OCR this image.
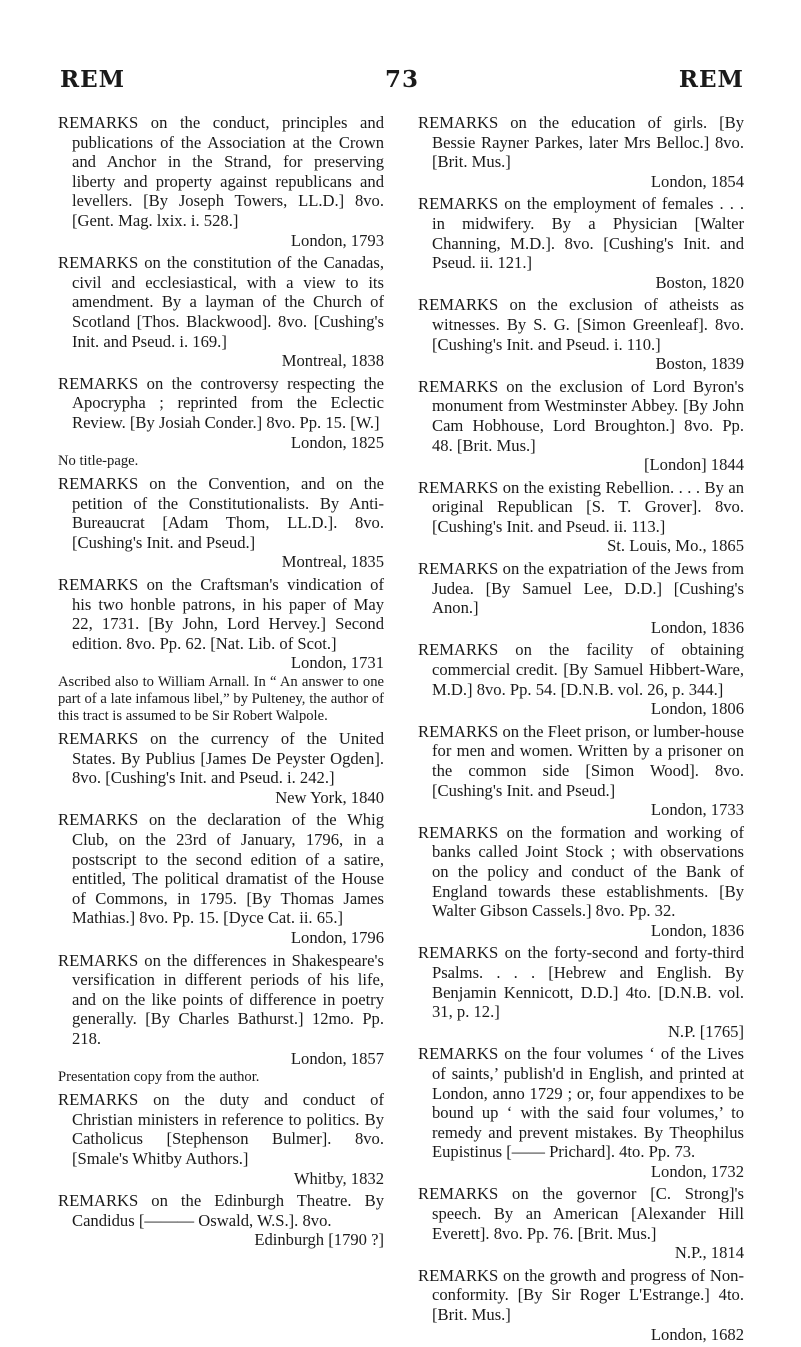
REM	73	REM
REMARKS on the conduct, principles and publications of the Association at the Crown and Anchor in the Strand, for preserving liberty and property against republicans and levellers. [By Joseph Towers, LL.D.] 8vo. [Gent. Mag. lxix. i. 528.]
London, 1793
REMARKS on the constitution of the Canadas, civil and ecclesiastical, with a view to its amendment. By a layman of the Church of Scotland [Thos. Blackwood]. 8vo. [Cushing's Init. and Pseud. i. 169.]
Montreal, 1838
REMARKS on the controversy respecting the Apocrypha ; reprinted from the Eclectic Review. [By Josiah Conder.] 8vo. Pp. 15. [W.]
London, 1825
No title-page.
REMARKS on the Convention, and on the petition of the Constitutionalists. By Anti-Bureaucrat [Adam Thom, LL.D.]. 8vo. [Cushing's Init. and Pseud.]
Montreal, 1835
REMARKS on the Craftsman's vindication of his two honble patrons, in his paper of May 22, 1731. [By John, Lord Hervey.] Second edition. 8vo. Pp. 62. [Nat. Lib. of Scot.]
London, 1731
Ascribed also to William Arnall. In “ An answer to one part of a late infamous libel,” by Pulteney, the author of this tract is assumed to be Sir Robert Walpole.
REMARKS on the currency of the United States. By Publius [James De Peyster Ogden]. 8vo. [Cushing's Init. and Pseud. i. 242.]
New York, 1840
REMARKS on the declaration of the Whig Club, on the 23rd of January, 1796, in a postscript to the second edition of a satire, entitled, The political dramatist of the House of Commons, in 1795. [By Thomas James Mathias.] 8vo. Pp. 15. [Dyce Cat. ii. 65.]
London, 1796
REMARKS on the differences in Shakespeare's versification in different periods of his life, and on the like points of difference in poetry generally. [By Charles Bathurst.] 12mo. Pp. 218.
London, 1857
Presentation copy from the author.
REMARKS on the duty and conduct of Christian ministers in reference to politics. By Catholicus [Stephenson Bulmer]. 8vo. [Smale's Whitby Authors.]
Whitby, 1832
REMARKS on the Edinburgh Theatre. By Candidus [——— Oswald, W.S.]. 8vo.
Edinburgh [1790 ?]
REMARKS on the education of girls. [By Bessie Rayner Parkes, later Mrs Belloc.] 8vo. [Brit. Mus.]
London, 1854
REMARKS on the employment of females . . . in midwifery. By a Physician [Walter Channing, M.D.]. 8vo. [Cushing's Init. and Pseud. ii. 121.]
Boston, 1820
REMARKS on the exclusion of atheists as witnesses. By S. G. [Simon Greenleaf]. 8vo. [Cushing's Init. and Pseud. i. 110.]
Boston, 1839
REMARKS on the exclusion of Lord Byron's monument from Westminster Abbey. [By John Cam Hobhouse, Lord Broughton.] 8vo. Pp. 48. [Brit. Mus.]
[London] 1844
REMARKS on the existing Rebellion. . . . By an original Republican [S. T. Grover]. 8vo. [Cushing's Init. and Pseud. ii. 113.]
St. Louis, Mo., 1865
REMARKS on the expatriation of the Jews from Judea. [By Samuel Lee, D.D.] [Cushing's Anon.]
London, 1836
REMARKS on the facility of obtaining commercial credit. [By Samuel Hibbert-Ware, M.D.] 8vo. Pp. 54. [D.N.B. vol. 26, p. 344.]
London, 1806
REMARKS on the Fleet prison, or lumber-house for men and women. Written by a prisoner on the common side [Simon Wood]. 8vo. [Cushing's Init. and Pseud.]
London, 1733
REMARKS on the formation and working of banks called Joint Stock ; with observations on the policy and conduct of the Bank of England towards these establishments. [By Walter Gibson Cassels.] 8vo. Pp. 32.
London, 1836
REMARKS on the forty-second and forty-third Psalms. . . . [Hebrew and English. By Benjamin Kennicott, D.D.] 4to. [D.N.B. vol. 31, p. 12.]
N.P. [1765]
REMARKS on the four volumes ‘ of the Lives of saints,’ publish'd in English, and printed at London, anno 1729 ; or, four appendixes to be bound up ‘ with the said four volumes,’ to remedy and prevent mistakes. By Theophilus Eupistinus [—— Prichard]. 4to. Pp. 73.
London, 1732
REMARKS on the governor [C. Strong]'s speech. By an American [Alexander Hill Everett]. 8vo. Pp. 76. [Brit. Mus.]
N.P., 1814
REMARKS on the growth and progress of Non-conformity. [By Sir Roger L'Estrange.] 4to. [Brit. Mus.]
London, 1682
